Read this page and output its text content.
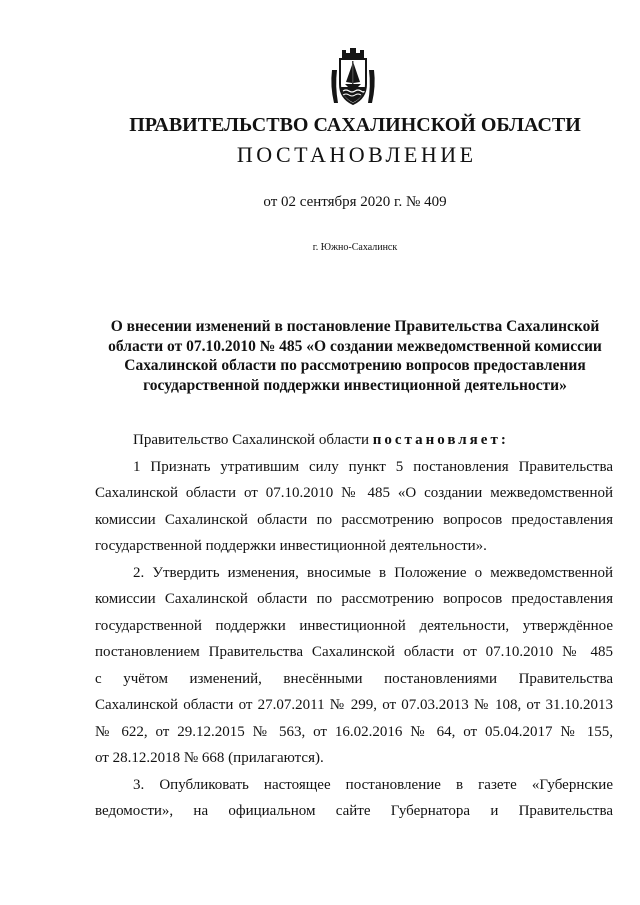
ПРАВИТЕЛЬСТВО САХАЛИНСКОЙ ОБЛАСТИ
ПОСТАНОВЛЕНИЕ
от 02 сентября 2020 г. № 409
г. Южно-Сахалинск
О внесении изменений в постановление Правительства Сахалинской
области от 07.10.2010 № 485 «О создании межведомственной комиссии
Сахалинской области по рассмотрению вопросов предоставления
государственной поддержки инвестиционной деятельности»

Правительство Сахалинской области постановляет:

1 Признать утратившим силу пункт 5 постановления Правительства
Сахалинской области от 07.10.2010 № 485 «О создании межведомственной
комиссии Сахалинской области по рассмотрению вопросов предоставления
государственной поддержки инвестиционной деятельности».

2. Утвердить изменения, вносимые в Положение о межведомственной
комиссии Сахалинской области по рассмотрению вопросов предоставления
государственной поддержки инвестиционной деятельности, утверждённое
постановлением Правительства Сахалинской области от 07.10.2010 № 485
с учётом изменений, внесёнными постановлениями Правительства
Сахалинской области от 27.07.2011 № 299, от 07.03.2013 № 108, от 31.10.2013
№ 622, от 29.12.2015 № 563, от 16.02.2016 № 64, от 05.04.2017 № 155,
от 28.12.2018 № 668 (прилагаются).

3. Опубликовать настоящее постановление в газете «Губернские
ведомости», на официальном сайте Губернатора и Правительства
